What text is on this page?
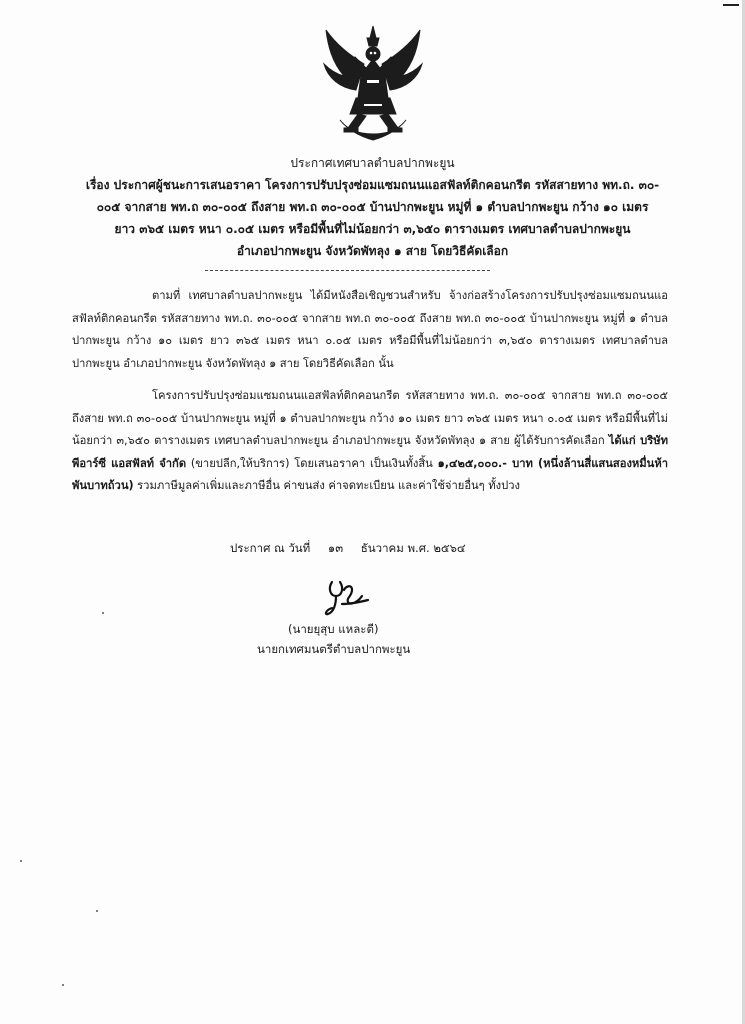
ประกาศเทศบาลตำบลปากพะยูน
เรื่อง ประกาศผู้ชนะการเสนอราคา โครงการปรับปรุงซ่อมแซมถนนแอสฟัลท์ติกคอนกรีต รหัสสายทาง พท.ถ. ๓๐-
๐๐๕ จากสาย พท.ถ ๓๐-๐๐๕ ถึงสาย พท.ถ ๓๐-๐๐๕ บ้านปากพะยูน หมู่ที่ ๑ ตำบลปากพะยูน กว้าง ๑๐ เมตร
ยาว ๓๖๕ เมตร หนา ๐.๐๕ เมตร หรือมีพื้นที่ไม่น้อยกว่า ๓,๖๕๐ ตารางเมตร เทศบาลตำบลปากพะยูน
อำเภอปากพะยูน จังหวัดพัทลุง ๑ สาย โดยวิธีคัดเลือก
ตามที่ เทศบาลตำบลปากพะยูน ได้มีหนังสือเชิญชวนสำหรับ จ้างก่อสร้างโครงการปรับปรุงซ่อมแซมถนนแอสฟัลท์ติกคอนกรีต รหัสสายทาง พท.ถ. ๓๐-๐๐๕ จากสาย พท.ถ ๓๐-๐๐๕ ถึงสาย พท.ถ ๓๐-๐๐๕ บ้านปากพะยูน หมู่ที่ ๑ ตำบลปากพะยูน กว้าง ๑๐ เมตร ยาว ๓๖๕ เมตร หนา ๐.๐๕ เมตร หรือมีพื้นที่ไม่น้อยกว่า ๓,๖๕๐ ตารางเมตร เทศบาลตำบลปากพะยูน อำเภอปากพะยูน จังหวัดพัทลุง ๑ สาย โดยวิธีคัดเลือก นั้น
โครงการปรับปรุงซ่อมแซมถนนแอสฟัลท์ติกคอนกรีต รหัสสายทาง พท.ถ. ๓๐-๐๐๕ จากสาย พท.ถ ๓๐-๐๐๕ ถึงสาย พท.ถ ๓๐-๐๐๕ บ้านปากพะยูน หมู่ที่ ๑ ตำบลปากพะยูน กว้าง ๑๐ เมตร ยาว ๓๖๕ เมตร หนา ๐.๐๕ เมตร หรือมีพื้นที่ไม่น้อยกว่า ๓,๖๕๐ ตารางเมตร เทศบาลตำบลปากพะยูน อำเภอปากพะยูน จังหวัดพัทลุง ๑ สาย ผู้ได้รับการคัดเลือก ได้แก่ บริษัท พีอาร์ซี แอสฟัลท์ จำกัด (ขายปลีก,ให้บริการ) โดยเสนอราคา เป็นเงินทั้งสิ้น ๑,๔๒๕,๐๐๐.- บาท (หนึ่งล้านสี่แสนสองหมื่นห้าพันบาทถ้วน) รวมภาษีมูลค่าเพิ่มและภาษีอื่น ค่าขนส่ง ค่าจดทะเบียน และค่าใช้จ่ายอื่นๆ ทั้งปวง
ประกาศ ณ วันที่ ๑๓ ธันวาคม พ.ศ. ๒๕๖๔
(นายยุสุบ แหละตี)
นายกเทศมนตรีตำบลปากพะยูน
